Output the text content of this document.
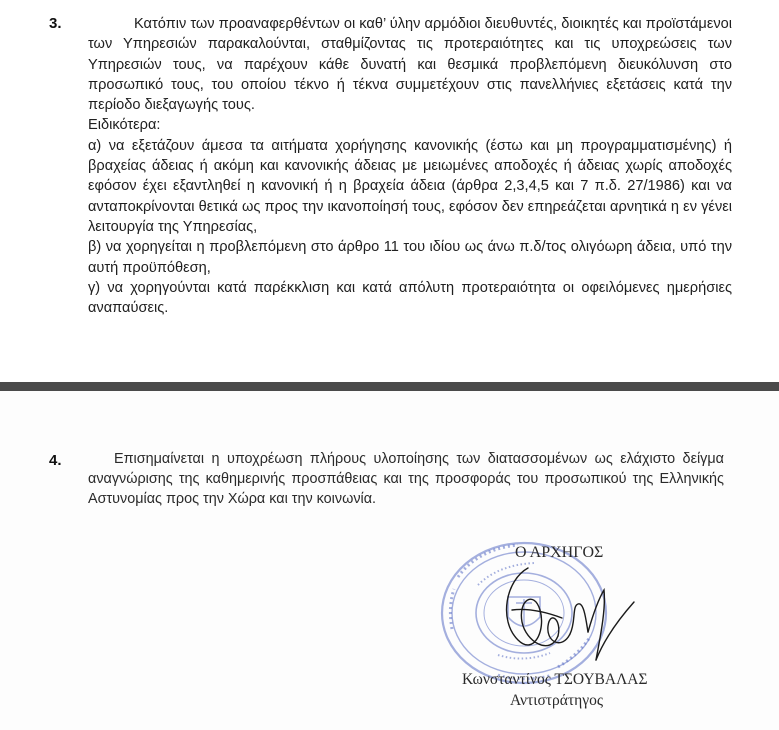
3.	Κατόπιν των προαναφερθέντων οι καθ’ ύλην αρμόδιοι διευθυντές, διοικητές και προϊστάμενοι των Υπηρεσιών παρακαλούνται, σταθμίζοντας τις προτεραιότητες και τις υποχρεώσεις των Υπηρεσιών τους, να παρέχουν κάθε δυνατή και θεσμικά προβλεπόμενη διευκόλυνση στο προσωπικό τους, του οποίου τέκνο ή τέκνα συμμετέχουν στις πανελλήνιες εξετάσεις κατά την περίοδο διεξαγωγής τους.

Ειδικότερα:

α) να εξετάζουν άμεσα τα αιτήματα χορήγησης κανονικής (έστω και μη προγραμματισμένης) ή βραχείας άδειας ή ακόμη και κανονικής άδειας με μειωμένες αποδοχές ή άδειας χωρίς αποδοχές εφόσον έχει εξαντληθεί η κανονική ή η βραχεία άδεια (άρθρα 2,3,4,5 και 7 π.δ. 27/1986) και να ανταποκρίνονται θετικά ως προς την ικανοποίησή τους, εφόσον δεν επηρεάζεται αρνητικά η εν γένει λειτουργία της Υπηρεσίας,

β) να χορηγείται η προβλεπόμενη στο άρθρο 11 του ιδίου ως άνω π.δ/τος ολιγόωρη άδεια, υπό την αυτή προϋπόθεση,

γ) να χορηγούνται κατά παρέκκλιση και κατά απόλυτη προτεραιότητα οι οφειλόμενες ημερήσιες αναπαύσεις.

4.	Επισημαίνεται η υποχρέωση πλήρους υλοποίησης των διατασσομένων ως ελάχιστο δείγμα αναγνώρισης της καθημερινής προσπάθειας και της προσφοράς του προσωπικού της Ελληνικής Αστυνομίας προς την Χώρα και την κοινωνία.
Ο ΑΡΧΗΓΟΣ
Κωνσταντίνος ΤΣΟΥΒΑΛΑΣ
Αντιστράτηγος
